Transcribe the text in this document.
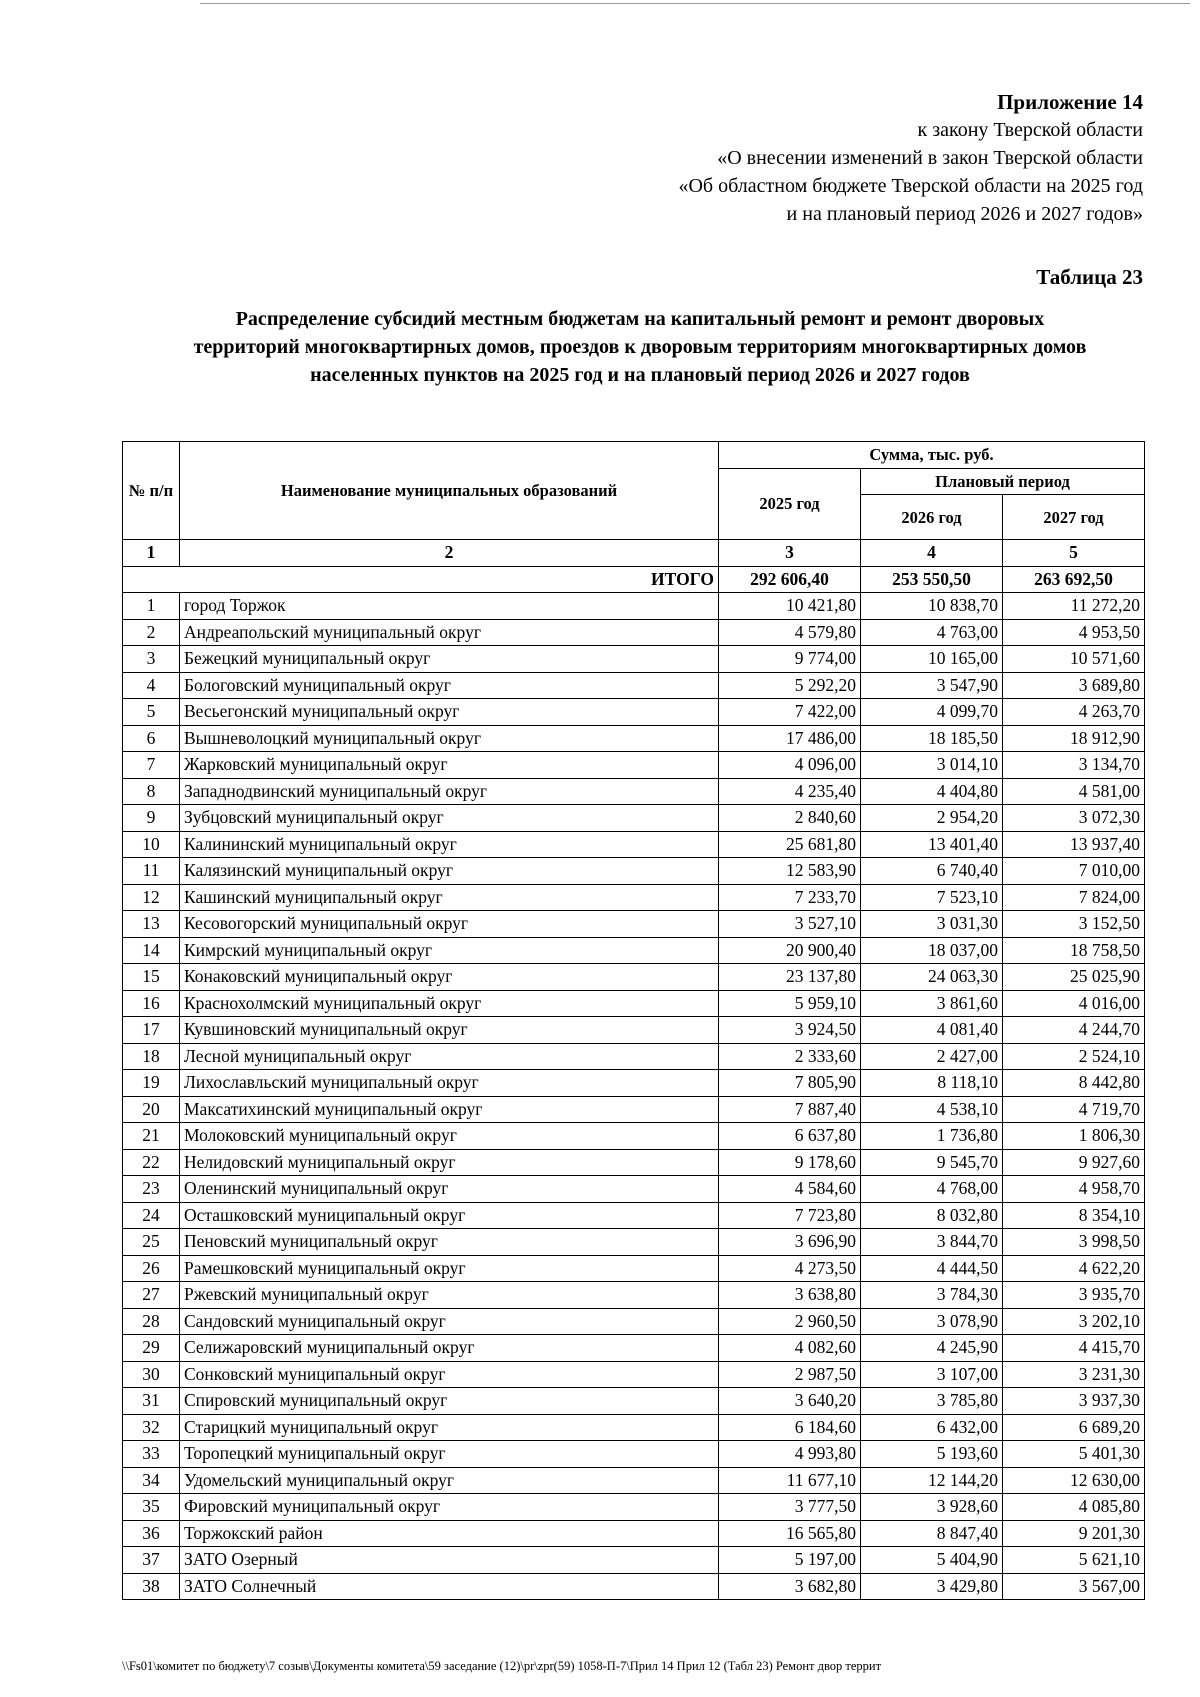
Приложение 14
к закону Тверской области
«О внесении изменений в закон Тверской области
«Об областном бюджете Тверской области на 2025 год
и на плановый период 2026 и 2027 годов»
Таблица 23
Распределение субсидий местным бюджетам на капитальный ремонт и ремонт дворовых
территорий многоквартирных домов, проездов к дворовым территориям многоквартирных домов
населенных пунктов на 2025 год и на плановый период 2026 и 2027 годов
№ п/п	Наименование муниципальных образований	Сумма, тыс. руб.		
		2025 год	Плановый период	
			2026 год	2027 год
1	2	3	4	5
ИТОГО		292 606,40	253 550,50	263 692,50
1	город Торжок	10 421,80	10 838,70	11 272,20
2	Андреапольский муниципальный округ	4 579,80	4 763,00	4 953,50
3	Бежецкий муниципальный округ	9 774,00	10 165,00	10 571,60
4	Бологовский муниципальный округ	5 292,20	3 547,90	3 689,80
5	Весьегонский муниципальный округ	7 422,00	4 099,70	4 263,70
6	Вышневолоцкий муниципальный округ	17 486,00	18 185,50	18 912,90
7	Жарковский муниципальный округ	4 096,00	3 014,10	3 134,70
8	Западнодвинский муниципальный округ	4 235,40	4 404,80	4 581,00
9	Зубцовский муниципальный округ	2 840,60	2 954,20	3 072,30
10	Калининский муниципальный округ	25 681,80	13 401,40	13 937,40
11	Калязинский муниципальный округ	12 583,90	6 740,40	7 010,00
12	Кашинский муниципальный округ	7 233,70	7 523,10	7 824,00
13	Кесовогорский муниципальный округ	3 527,10	3 031,30	3 152,50
14	Кимрский муниципальный округ	20 900,40	18 037,00	18 758,50
15	Конаковский муниципальный округ	23 137,80	24 063,30	25 025,90
16	Краснохолмский муниципальный округ	5 959,10	3 861,60	4 016,00
17	Кувшиновский муниципальный округ	3 924,50	4 081,40	4 244,70
18	Лесной муниципальный округ	2 333,60	2 427,00	2 524,10
19	Лихославльский муниципальный округ	7 805,90	8 118,10	8 442,80
20	Максатихинский муниципальный округ	7 887,40	4 538,10	4 719,70
21	Молоковский муниципальный округ	6 637,80	1 736,80	1 806,30
22	Нелидовский муниципальный округ	9 178,60	9 545,70	9 927,60
23	Оленинский муниципальный округ	4 584,60	4 768,00	4 958,70
24	Осташковский муниципальный округ	7 723,80	8 032,80	8 354,10
25	Пеновский муниципальный округ	3 696,90	3 844,70	3 998,50
26	Рамешковский муниципальный округ	4 273,50	4 444,50	4 622,20
27	Ржевский муниципальный округ	3 638,80	3 784,30	3 935,70
28	Сандовский муниципальный округ	2 960,50	3 078,90	3 202,10
29	Селижаровский муниципальный округ	4 082,60	4 245,90	4 415,70
30	Сонковский муниципальный округ	2 987,50	3 107,00	3 231,30
31	Спировский муниципальный округ	3 640,20	3 785,80	3 937,30
32	Старицкий муниципальный округ	6 184,60	6 432,00	6 689,20
33	Торопецкий муниципальный округ	4 993,80	5 193,60	5 401,30
34	Удомельский муниципальный округ	11 677,10	12 144,20	12 630,00
35	Фировский муниципальный округ	3 777,50	3 928,60	4 085,80
36	Торжокский район	16 565,80	8 847,40	9 201,30
37	ЗАТО Озерный	5 197,00	5 404,90	5 621,10
38	ЗАТО Солнечный	3 682,80	3 429,80	3 567,00
\\Fs01\комитет по бюджету\7 созыв\Документы комитета\59 заседание (12)\pr\zpr(59) 1058-П-7\Прил 14 Прил 12 (Табл 23) Ремонт двор террит
